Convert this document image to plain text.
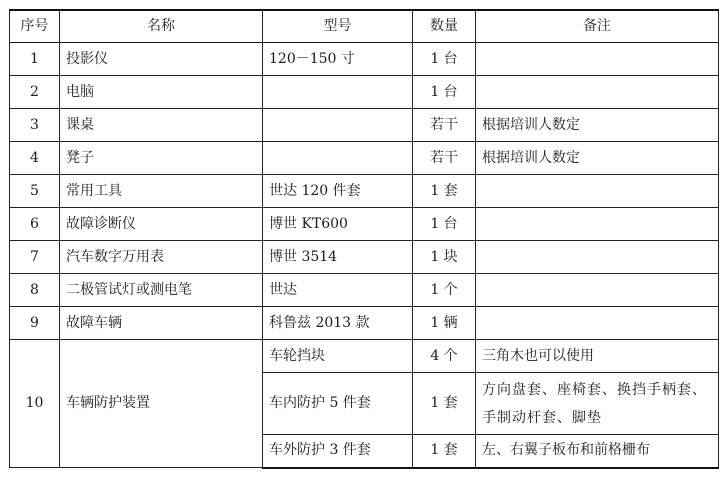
序号	名称	型号	数量	备注
1	投影仪	120－150 寸	1 台	
2	电脑		1 台	
3	课桌		若干	根据培训人数定
4	凳子		若干	根据培训人数定
5	常用工具	世达 120 件套	1 套	
6	故障诊断仪	博世 KT600	1 台	
7	汽车数字万用表	博世 3514	1 块	
8	二极管试灯或测电笔	世达	1 个	
9	故障车辆	科鲁兹 2013 款	1 辆	
10	车辆防护装置	车轮挡块	4 个	三角木也可以使用
		车内防护 5 件套	1 套	方向盘套、座椅套、换挡手柄套、手制动杆套、脚垫
		车外防护 3 件套	1 套	左、右翼子板布和前格栅布
